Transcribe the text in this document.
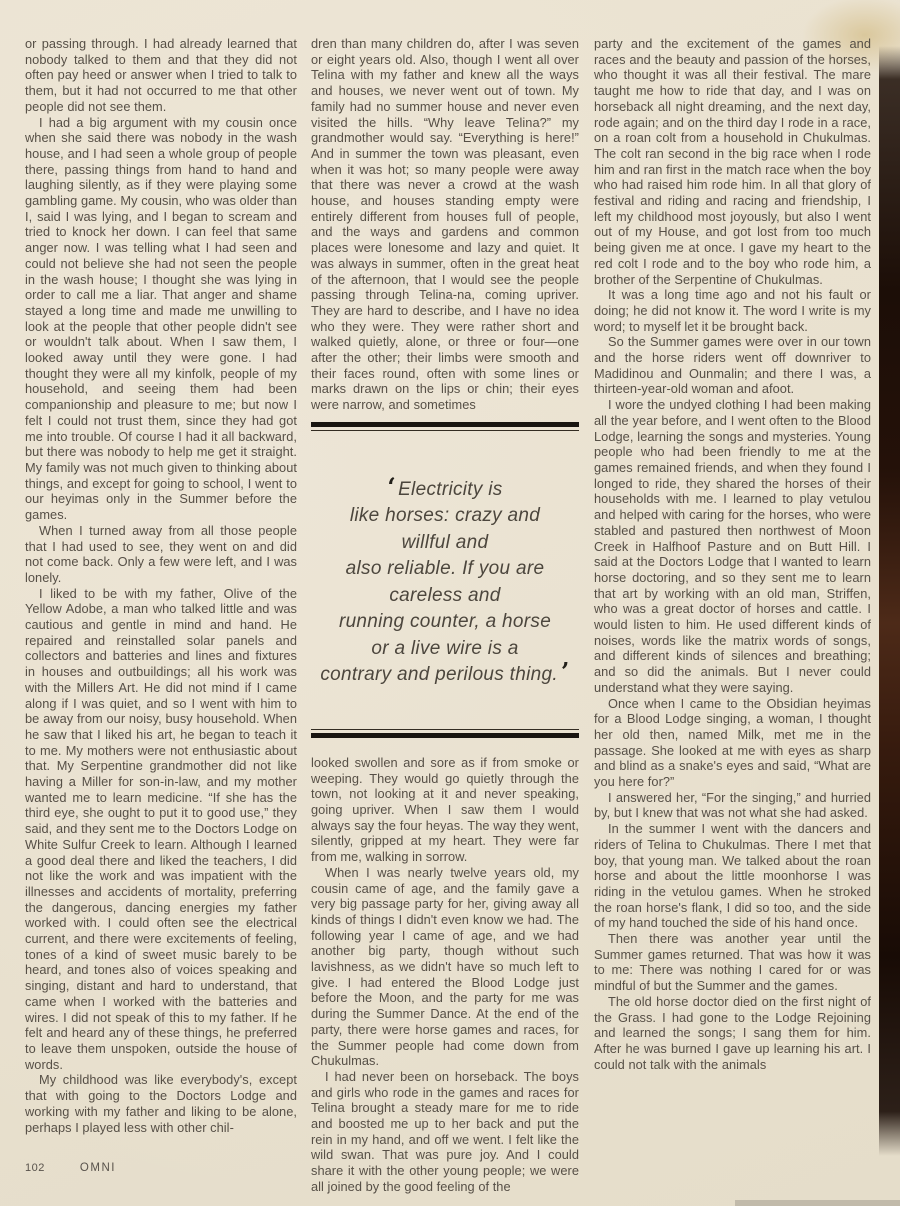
or passing through. I had already learned that nobody talked to them and that they did not often pay heed or answer when I tried to talk to them, but it had not occurred to me that other people did not see them.

I had a big argument with my cousin once when she said there was nobody in the wash house, and I had seen a whole group of people there, passing things from hand to hand and laughing silently, as if they were playing some gambling game. My cousin, who was older than I, said I was lying, and I began to scream and tried to knock her down. I can feel that same anger now. I was telling what I had seen and could not believe she had not seen the people in the wash house; I thought she was lying in order to call me a liar. That anger and shame stayed a long time and made me unwilling to look at the people that other people didn't see or wouldn't talk about. When I saw them, I looked away until they were gone. I had thought they were all my kinfolk, people of my household, and seeing them had been companionship and pleasure to me; but now I felt I could not trust them, since they had got me into trouble. Of course I had it all backward, but there was nobody to help me get it straight. My family was not much given to thinking about things, and except for going to school, I went to our heyimas only in the Summer before the games.

When I turned away from all those people that I had used to see, they went on and did not come back. Only a few were left, and I was lonely.

I liked to be with my father, Olive of the Yellow Adobe, a man who talked little and was cautious and gentle in mind and hand. He repaired and reinstalled solar panels and collectors and batteries and lines and fixtures in houses and outbuildings; all his work was with the Millers Art. He did not mind if I came along if I was quiet, and so I went with him to be away from our noisy, busy household. When he saw that I liked his art, he began to teach it to me. My mothers were not enthusiastic about that. My Serpentine grandmother did not like having a Miller for son-in-law, and my mother wanted me to learn medicine. “If she has the third eye, she ought to put it to good use,” they said, and they sent me to the Doctors Lodge on White Sulfur Creek to learn. Although I learned a good deal there and liked the teachers, I did not like the work and was impatient with the illnesses and accidents of mortality, preferring the dangerous, dancing energies my father worked with. I could often see the electrical current, and there were excitements of feeling, tones of a kind of sweet music barely to be heard, and tones also of voices speaking and singing, distant and hard to understand, that came when I worked with the batteries and wires. I did not speak of this to my father. If he felt and heard any of these things, he preferred to leave them unspoken, outside the house of words.

My childhood was like everybody's, except that with going to the Doctors Lodge and working with my father and liking to be alone, perhaps I played less with other chil-

dren than many children do, after I was seven or eight years old. Also, though I went all over Telina with my father and knew all the ways and houses, we never went out of town. My family had no summer house and never even visited the hills. “Why leave Telina?” my grandmother would say. “Everything is here!” And in summer the town was pleasant, even when it was hot; so many people were away that there was never a crowd at the wash house, and houses standing empty were entirely different from houses full of people, and the ways and gardens and common places were lonesome and lazy and quiet. It was always in summer, often in the great heat of the afternoon, that I would see the people passing through Telina-na, coming upriver. They are hard to describe, and I have no idea who they were. They were rather short and walked quietly, alone, or three or four—one after the other; their limbs were smooth and their faces round, often with some lines or marks drawn on the lips or chin; their eyes were narrow, and sometimes

‘ Electricity is
like horses: crazy and
willful and
also reliable. If you are
careless and
running counter, a horse
or a live wire is a
contrary and perilous thing. ’

looked swollen and sore as if from smoke or weeping. They would go quietly through the town, not looking at it and never speaking, going upriver. When I saw them I would always say the four heyas. The way they went, silently, gripped at my heart. They were far from me, walking in sorrow.

When I was nearly twelve years old, my cousin came of age, and the family gave a very big passage party for her, giving away all kinds of things I didn't even know we had. The following year I came of age, and we had another big party, though without such lavishness, as we didn't have so much left to give. I had entered the Blood Lodge just before the Moon, and the party for me was during the Summer Dance. At the end of the party, there were horse games and races, for the Summer people had come down from Chukulmas.

I had never been on horseback. The boys and girls who rode in the games and races for Telina brought a steady mare for me to ride and boosted me up to her back and put the rein in my hand, and off we went. I felt like the wild swan. That was pure joy. And I could share it with the other young people; we were all joined by the good feeling of the

party and the excitement of the games and races and the beauty and passion of the horses, who thought it was all their festival. The mare taught me how to ride that day, and I was on horseback all night dreaming, and the next day, rode again; and on the third day I rode in a race, on a roan colt from a household in Chukulmas. The colt ran second in the big race when I rode him and ran first in the match race when the boy who had raised him rode him. In all that glory of festival and riding and racing and friendship, I left my childhood most joyously, but also I went out of my House, and got lost from too much being given me at once. I gave my heart to the red colt I rode and to the boy who rode him, a brother of the Serpentine of Chukulmas.

It was a long time ago and not his fault or doing; he did not know it. The word I write is my word; to myself let it be brought back.

So the Summer games were over in our town and the horse riders went off downriver to Madidinou and Ounmalin; and there I was, a thirteen-year-old woman and afoot.

I wore the undyed clothing I had been making all the year before, and I went often to the Blood Lodge, learning the songs and mysteries. Young people who had been friendly to me at the games remained friends, and when they found I longed to ride, they shared the horses of their households with me. I learned to play vetulou and helped with caring for the horses, who were stabled and pastured then northwest of Moon Creek in Halfhoof Pasture and on Butt Hill. I said at the Doctors Lodge that I wanted to learn horse doctoring, and so they sent me to learn that art by working with an old man, Striffen, who was a great doctor of horses and cattle. I would listen to him. He used different kinds of noises, words like the matrix words of songs, and different kinds of silences and breathing; and so did the animals. But I never could understand what they were saying.

Once when I came to the Obsidian heyimas for a Blood Lodge singing, a woman, I thought her old then, named Milk, met me in the passage. She looked at me with eyes as sharp and blind as a snake's eyes and said, “What are you here for?”

I answered her, “For the singing,” and hurried by, but I knew that was not what she had asked.

In the summer I went with the dancers and riders of Telina to Chukulmas. There I met that boy, that young man. We talked about the roan horse and about the little moonhorse I was riding in the vetulou games. When he stroked the roan horse's flank, I did so too, and the side of my hand touched the side of his hand once.

Then there was another year until the Summer games returned. That was how it was to me: There was nothing I cared for or was mindful of but the Summer and the games.

The old horse doctor died on the first night of the Grass. I had gone to the Lodge Rejoining and learned the songs; I sang them for him. After he was burned I gave up learning his art. I could not talk with the animals

102	OMNI
